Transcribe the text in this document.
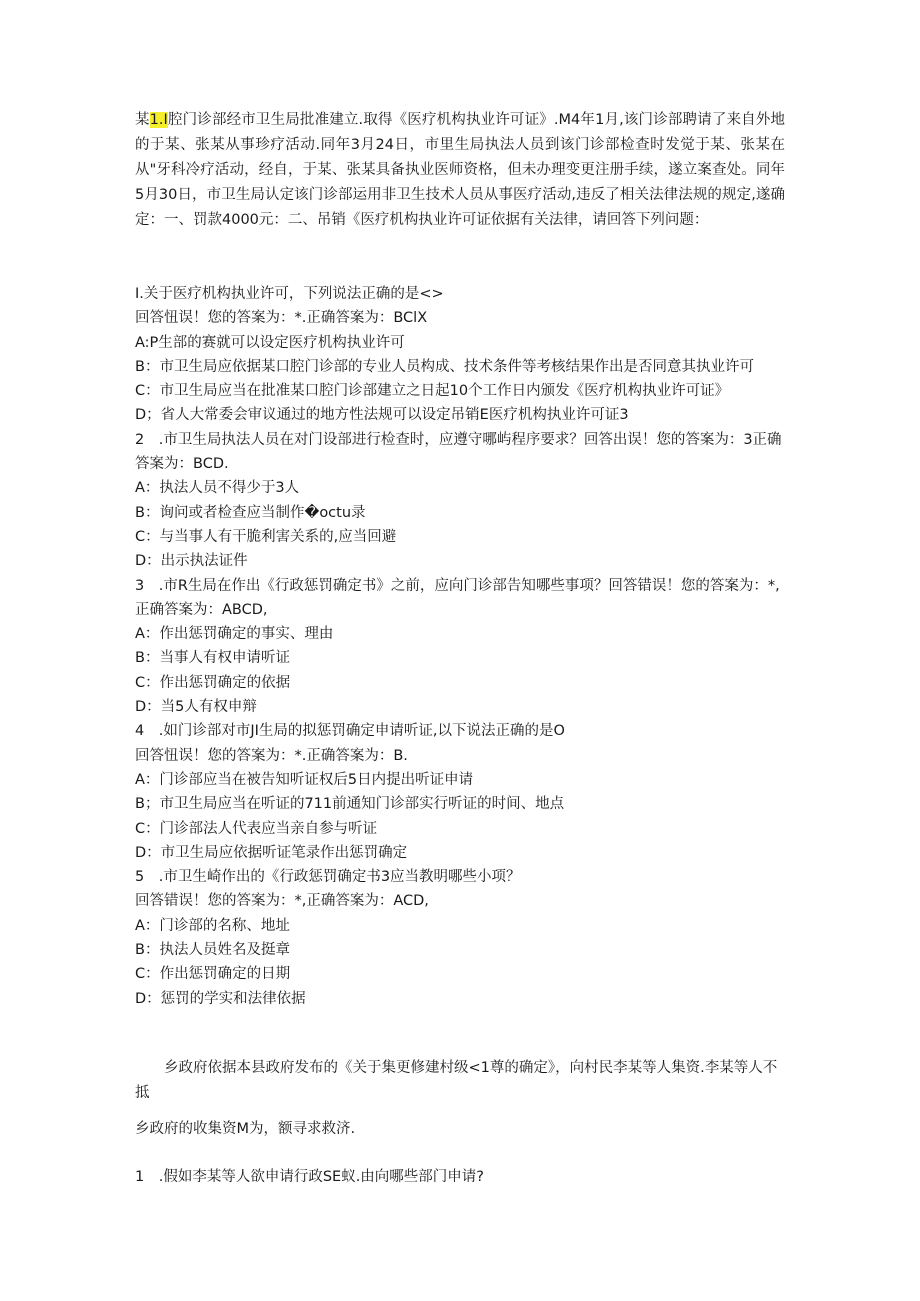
某1.I腔门诊部经市卫生局批准建立.取得《医疗机构执业许可证》.M4年1月,该门诊部聘请了来自外地的于某、张某从事珍疗活动.同年3月24日，市里生局执法人员到该门诊部检查时发觉于某、张某在从"牙科冷疗活动，经自，于某、张某具备执业医师资格，但未办理变更注册手续，遂立案查处。同年5月30日，市卫生局认定该门诊部运用非卫生技术人员从事医疗活动,违反了相关法律法规的规定,遂确定：一、罚款4000元：二、吊销《医疗机构执业许可证依据有关法律，请回答下列问题：

I.关于医疗机构执业许可，下列说法正确的是<>
回答忸误！您的答案为：*.正确答案为：BClX
A:P生部的赛就可以设定医疗机构执业许可
B：市卫生局应依据某口腔门诊部的专业人员构成、技术条件等考核结果作出是否同意其执业许可
C：市卫生局应当在批准某口腔门诊部建立之日起10个工作日内颁发《医疗机构执业许可证》
D；省人大常委会审议通过的地方性法规可以设定吊销E医疗机构执业许可证3
2　.市卫生局执法人员在对门设部进行检查时，应遵守哪屿程序要求？回答出误！您的答案为：3正确答案为：BCD.
A：执法人员不得少于3人
B：询问或者检查应当制作�octu录
C：与当事人有干脆利害关系的,应当回避
D：出示执法证件
3　.市R生局在作出《行政惩罚确定书》之前，应向门诊部告知哪些事项？回答错误！您的答案为：*,正确答案为：ABCD,
A：作出惩罚确定的事实、理由
B：当事人有权申请听证
C：作出惩罚确定的依据
D：当5人有权申辩
4　.如门诊部对市JI生局的拟惩罚确定申请听证,以下说法正确的是O
回答忸误！您的答案为：*.正确答案为：B.
A：门诊部应当在被告知听证权后5日内提出听证申请
B；市卫生局应当在听证的711前通知门诊部实行听证的时间、地点
C：门诊部法人代表应当亲自参与听证
D：市卫生局应依据听证笔录作出惩罚确定
5　.市卫生崎作出的《行政惩罚确定书3应当教明哪些小项？
回答错误！您的答案为：*,正确答案为：ACD,
A：门诊部的名称、地址
B：执法人员姓名及挺章
C：作出惩罚确定的日期
D：惩罚的学实和法律依据

乡政府依据本县政府发布的《关于集更修建村级<1尊的确定》，向村民李某等人集资.李某等人不抵

乡政府的收集资M为，额寻求救济.

1　.假如李某等人欲申请行政SE蚁.由向哪些部门申请?
